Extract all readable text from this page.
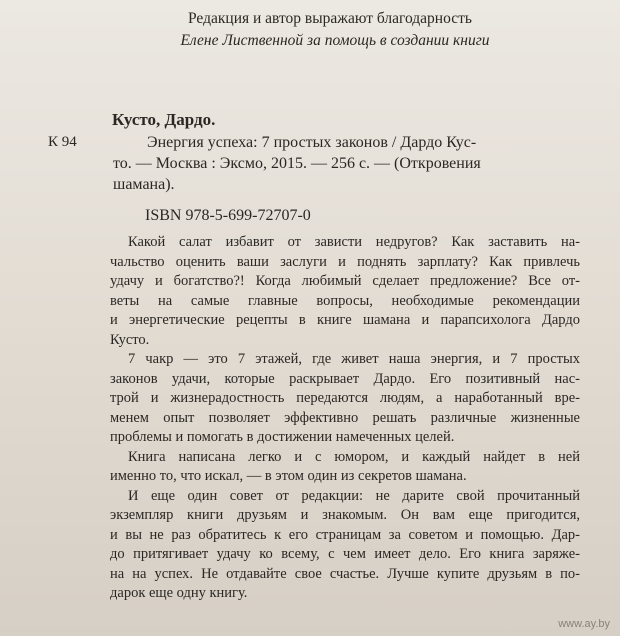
Редакция и автор выражают благодарность
Елене Лиственной за помощь в создании книги
Кусто, Дардо.
К 94	Энергия успеха: 7 простых законов / Дардо Кус-
то. — Москва : Эксмо, 2015. — 256 с. — (Откровения
шамана).
ISBN 978-5-699-72707-0
Какой салат избавит от зависти недругов? Как заставить на-
чальство оценить ваши заслуги и поднять зарплату? Как привлечь
удачу и богатство?! Когда любимый сделает предложение? Все от-
веты на самые главные вопросы, необходимые рекомендации
и энергетические рецепты в книге шамана и парапсихолога Дардо
Кусто.
7 чакр — это 7 этажей, где живет наша энергия, и 7 простых
законов удачи, которые раскрывает Дардо. Его позитивный нас-
трой и жизнерадостность передаются людям, а наработанный вре-
менем опыт позволяет эффективно решать различные жизненные
проблемы и помогать в достижении намеченных целей.
Книга написана легко и с юмором, и каждый найдет в ней
именно то, что искал, — в этом один из секретов шамана.
И еще один совет от редакции: не дарите свой прочитанный
экземпляр книги друзьям и знакомым. Он вам еще пригодится,
и вы не раз обратитесь к его страницам за советом и помощью. Дар-
до притягивает удачу ко всему, с чем имеет дело. Его книга заряже-
на на успех. Не отдавайте свое счастье. Лучше купите друзьям в по-
дарок еще одну книгу.
www.ay.by
